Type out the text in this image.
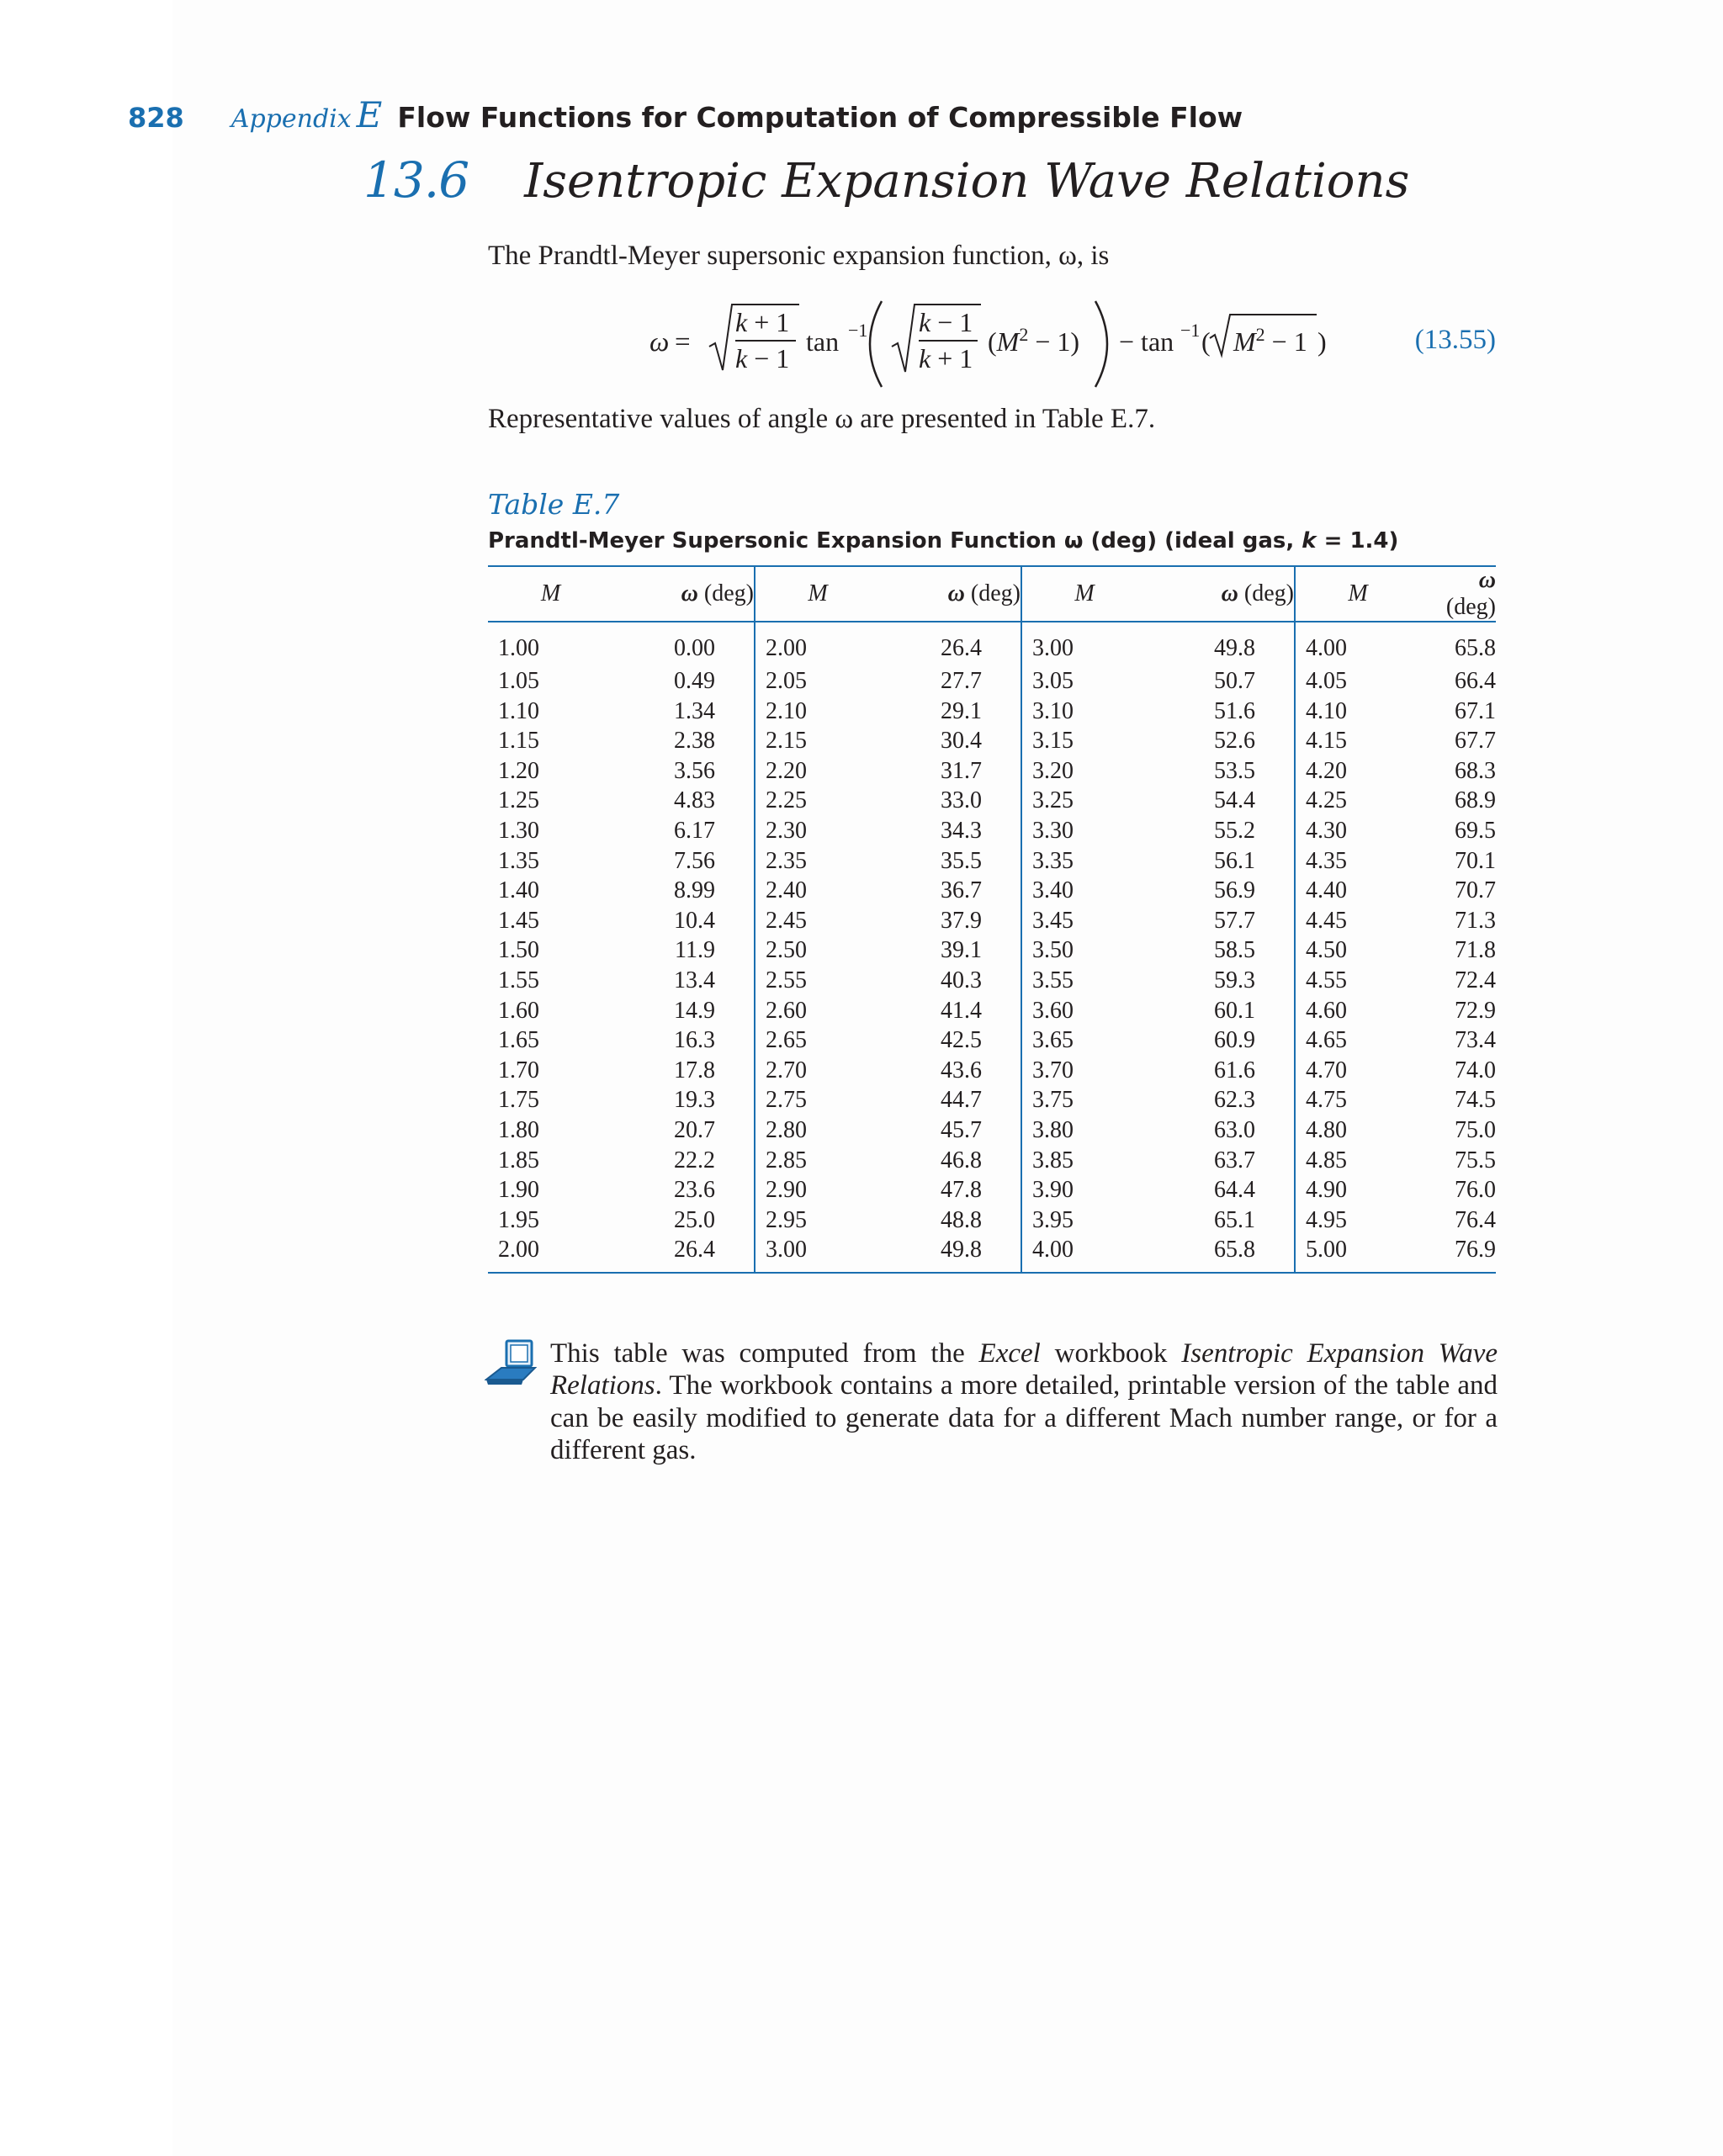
828 Appendix E Flow Functions for Computation of Compressible Flow
13.6 Isentropic Expansion Wave Relations
The Prandtl-Meyer supersonic expansion function, ω, is
ω =
k + 1
k − 1
tan −1 k − 1
k + 1
$(M^2 - 1) - \tan -1$ ( $M^2 - 1$ )	(13.55)
Representative values of angle ω are presented in Table E.7.
Table E.7
Prandtl-Meyer Supersonic Expansion Function ω (deg) (ideal gas, k = 1.4)
M	ω (deg)	M	ω (deg)	M	ω (deg)	M	ω (deg)
1.00	0.00	2.00	26.4	3.00	49.8	4.00	65.8
1.05	0.49	2.05	27.7	3.05	50.7	4.05	66.4
1.10	1.34	2.10	29.1	3.10	51.6	4.10	67.1
1.15	2.38	2.15	30.4	3.15	52.6	4.15	67.7
1.20	3.56	2.20	31.7	3.20	53.5	4.20	68.3
1.25	4.83	2.25	33.0	3.25	54.4	4.25	68.9
1.30	6.17	2.30	34.3	3.30	55.2	4.30	69.5
1.35	7.56	2.35	35.5	3.35	56.1	4.35	70.1
1.40	8.99	2.40	36.7	3.40	56.9	4.40	70.7
1.45	10.4	2.45	37.9	3.45	57.7	4.45	71.3
1.50	11.9	2.50	39.1	3.50	58.5	4.50	71.8
1.55	13.4	2.55	40.3	3.55	59.3	4.55	72.4
1.60	14.9	2.60	41.4	3.60	60.1	4.60	72.9
1.65	16.3	2.65	42.5	3.65	60.9	4.65	73.4
1.70	17.8	2.70	43.6	3.70	61.6	4.70	74.0
1.75	19.3	2.75	44.7	3.75	62.3	4.75	74.5
1.80	20.7	2.80	45.7	3.80	63.0	4.80	75.0
1.85	22.2	2.85	46.8	3.85	63.7	4.85	75.5
1.90	23.6	2.90	47.8	3.90	64.4	4.90	76.0
1.95	25.0	2.95	48.8	3.95	65.1	4.95	76.4
2.00	26.4	3.00	49.8	4.00	65.8	5.00	76.9
This table was computed from the Excel workbook Isentropic Expansion Wave Relations. The workbook contains a more detailed, printable version of the table and can be easily modified to generate data for a different Mach number range, or for a different gas.
